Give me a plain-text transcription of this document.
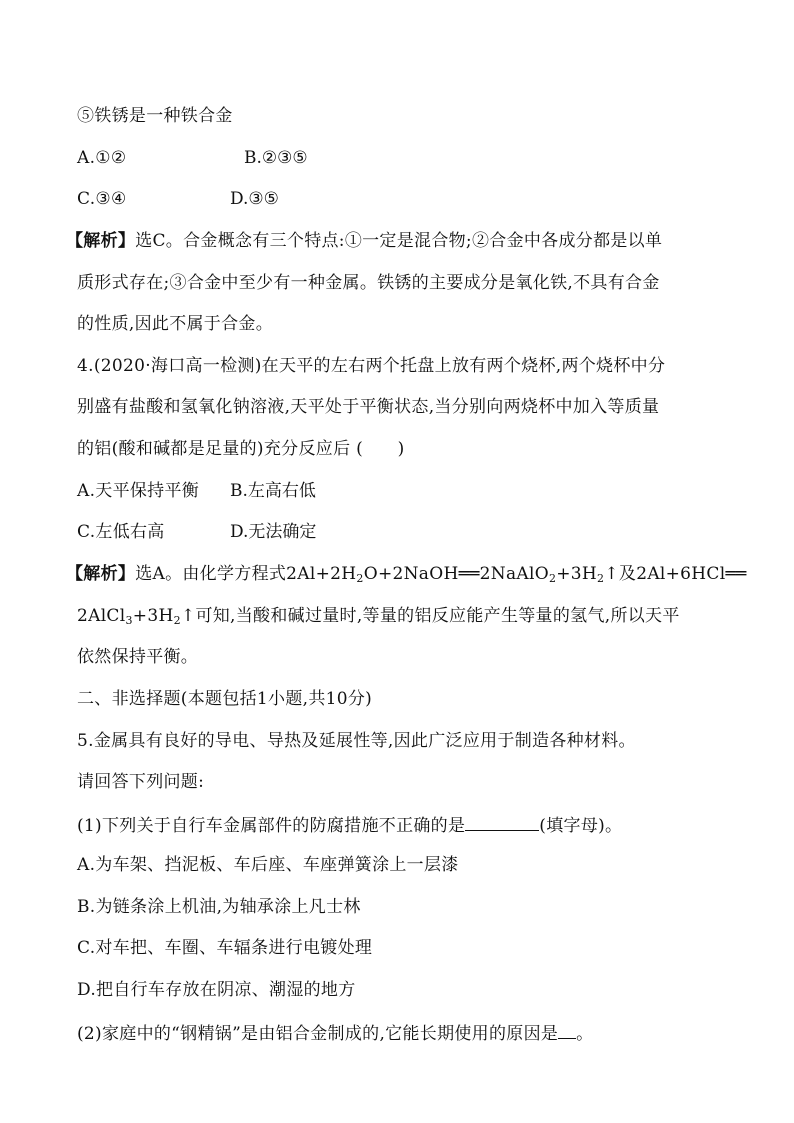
⑤铁锈是一种铁合金
A.①②	B.②③⑤
C.③④	D.③⑤
【解析】选C。合金概念有三个特点:①一定是混合物;②合金中各成分都是以单
质形式存在;③合金中至少有一种金属。铁锈的主要成分是氧化铁,不具有合金
的性质,因此不属于合金。
4.(2020·海口高一检测)在天平的左右两个托盘上放有两个烧杯,两个烧杯中分
别盛有盐酸和氢氧化钠溶液,天平处于平衡状态,当分别向两烧杯中加入等质量
的铝(酸和碱都是足量的)充分反应后 (　　)
A.天平保持平衡 B.左高右低
C.左低右高	D.无法确定
【解析】选A。由化学方程式$2Al+2H_2O+2NaOH══2NaAlO_2+3H_2↑$及2Al+6HCl══
$2AlCl_3+3H_2↑$可知,当酸和碱过量时,等量的铝反应能产生等量的氢气,所以天平
依然保持平衡。
二、非选择题(本题包括1小题,共10分)
5.金属具有良好的导电、导热及延展性等,因此广泛应用于制造各种材料。
请回答下列问题:
(1)下列关于自行车金属部件的防腐措施不正确的是	(填字母)。
A.为车架、挡泥板、车后座、车座弹簧涂上一层漆
B.为链条涂上机油,为轴承涂上凡士林
C.对车把、车圈、车辐条进行电镀处理
D.把自行车存放在阴凉、潮湿的地方
(2)家庭中的“钢精锅”是由铝合金制成的,它能长期使用的原因是 。
